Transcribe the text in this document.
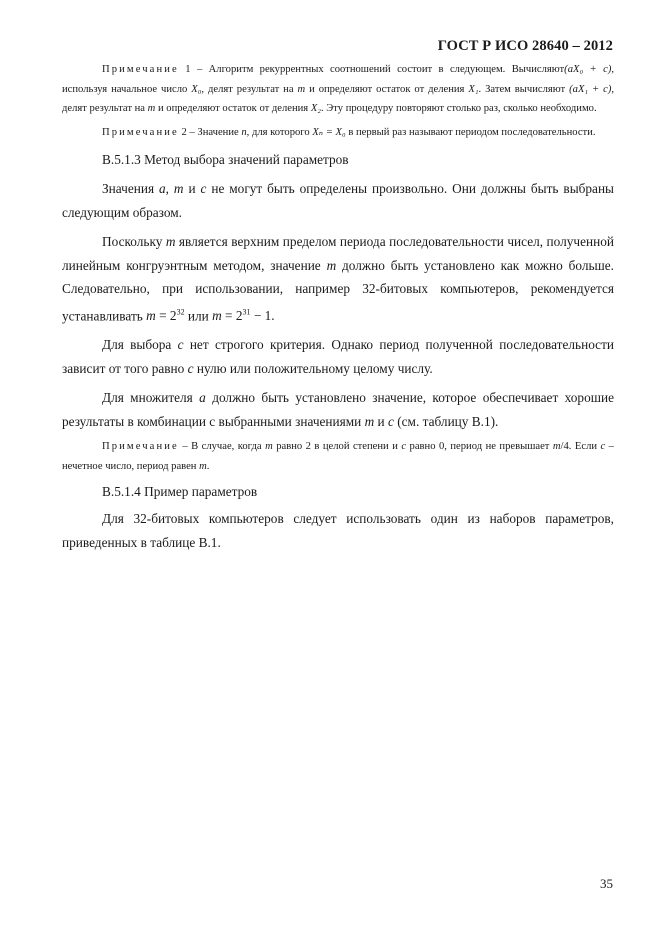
ГОСТ Р ИСО 28640 – 2012

Примечание 1 – Алгоритм рекуррентных соотношений состоит в следующем. Вычисляют(aX₀ + c), используя начальное число X₀, делят результат на m и определяют остаток от деления X₁. Затем вычисляют (aX₁ + c), делят результат на m и определяют остаток от деления X₂. Эту процедуру повторяют столько раз, сколько необходимо.

Примечание 2 – Значение n, для которого Xₙ = X₀ в первый раз называют периодом последовательности.

В.5.1.3 Метод выбора значений параметров

Значения a, m и c не могут быть определены произвольно. Они должны быть выбраны следующим образом.

Поскольку m является верхним пределом периода последовательности чисел, полученной линейным конгруэнтным методом, значение m должно быть установлено как можно больше. Следовательно, при использовании, например 32-битовых компьютеров, рекомендуется устанавливать $m = 2^{32}$ или $m = 2^{31} - 1$.

Для выбора c нет строгого критерия. Однако период полученной последовательности зависит от того равно c нулю или положительному целому числу.

Для множителя a должно быть установлено значение, которое обеспечивает хорошие результаты в комбинации с выбранными значениями m и c (см. таблицу В.1).

Примечание – В случае, когда m равно 2 в целой степени и c равно 0, период не превышает m/4. Если c – нечетное число, период равен m.

В.5.1.4 Пример параметров

Для 32-битовых компьютеров следует использовать один из наборов параметров, приведенных в таблице В.1.

35
